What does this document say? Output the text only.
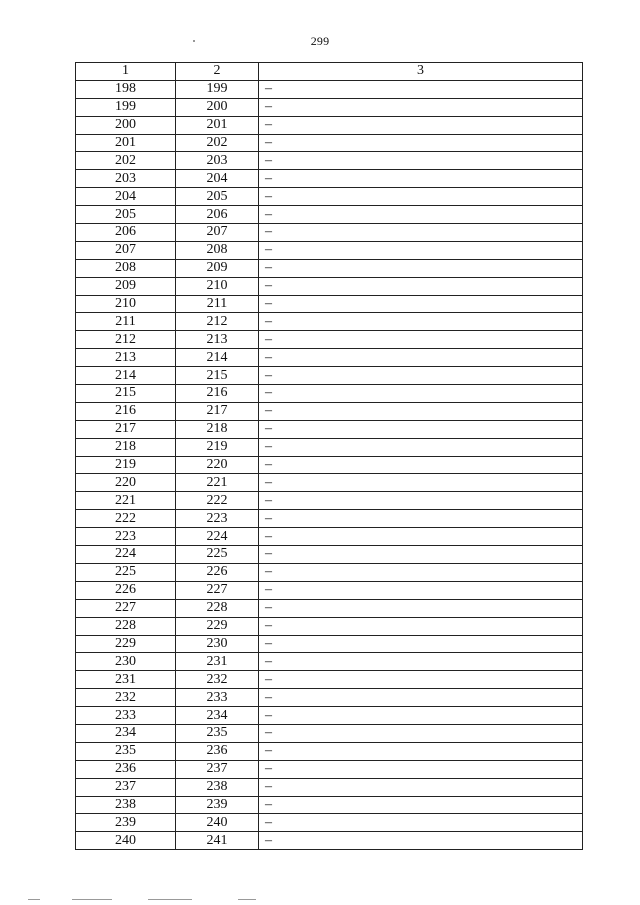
299
1	2	3
198	199	–
199	200	–
200	201	–
201	202	–
202	203	–
203	204	–
204	205	–
205	206	–
206	207	–
207	208	–
208	209	–
209	210	–
210	211	–
211	212	–
212	213	–
213	214	–
214	215	–
215	216	–
216	217	–
217	218	–
218	219	–
219	220	–
220	221	–
221	222	–
222	223	–
223	224	–
224	225	–
225	226	–
226	227	–
227	228	–
228	229	–
229	230	–
230	231	–
231	232	–
232	233	–
233	234	–
234	235	–
235	236	–
236	237	–
237	238	–
238	239	–
239	240	–
240	241	–
